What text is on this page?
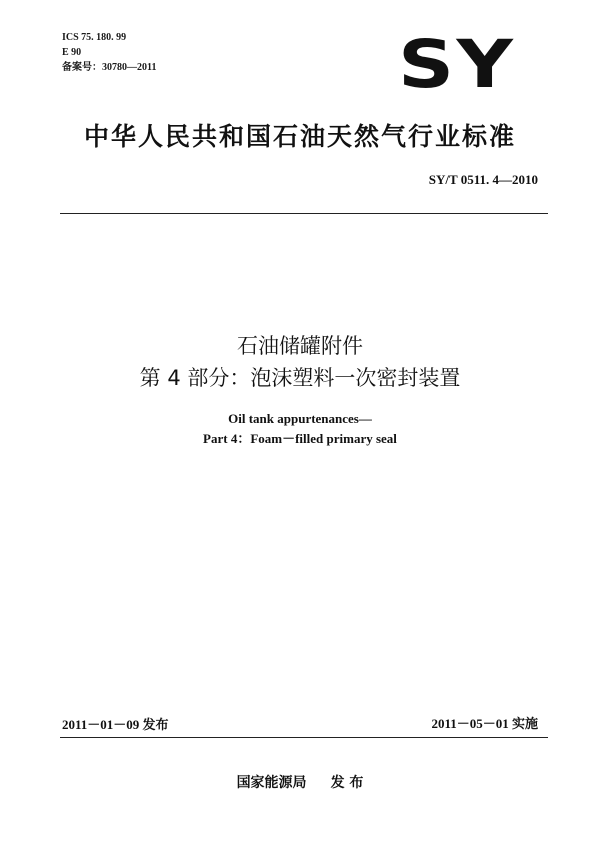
ICS 75. 180. 99
E 90
备案号：30780—2011	SY
中华人民共和国石油天然气行业标准
SY/T 0511. 4—2010
石油储罐附件
第 4 部分：泡沫塑料一次密封装置
Oil tank appurtenances—
Part 4：Foam－filled primary seal
2011－01－09 发布	2011－05－01 实施
国家能源局 发 布
